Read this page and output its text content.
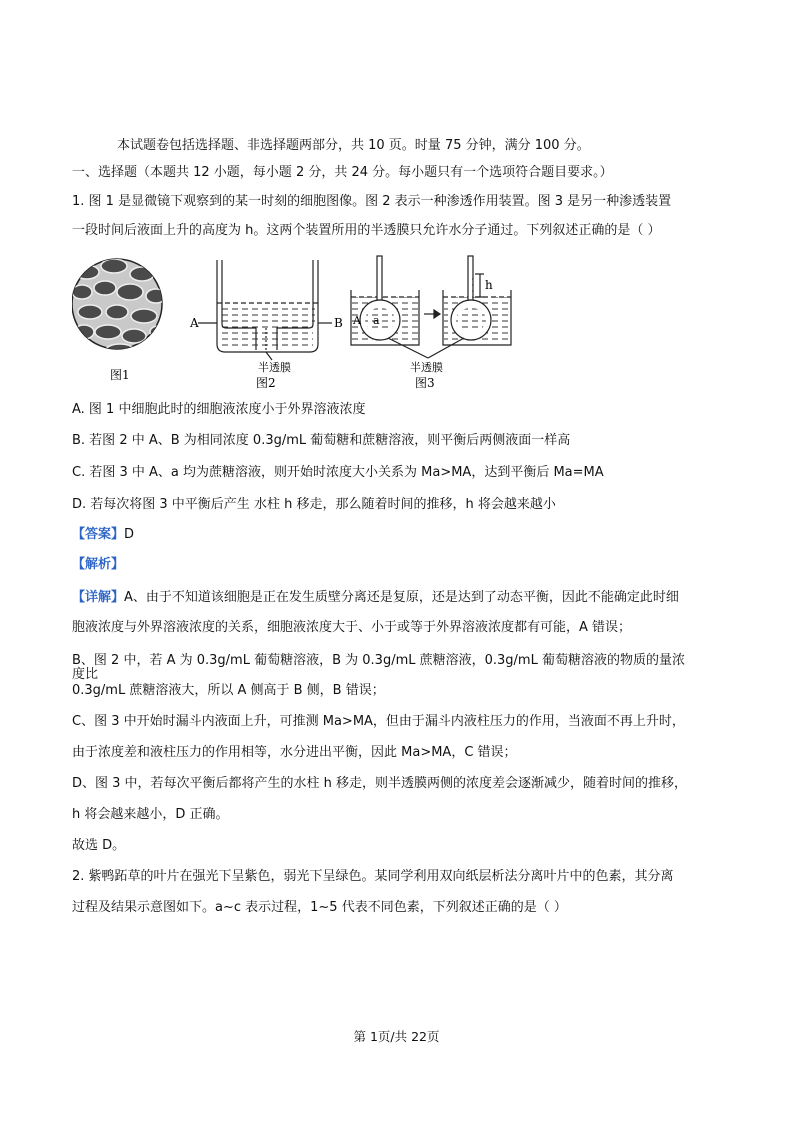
本试题卷包括选择题、非选择题两部分，共 10 页。时量 75 分钟，满分 100 分。
一、选择题（本题共 12 小题，每小题 2 分，共 24 分。每小题只有一个选项符合题目要求。）
1. 图 1 是显微镜下观察到的某一时刻的细胞图像。图 2 表示一种渗透作用装置。图 3 是另一种渗透装置
一段时间后液面上升的高度为 h。这两个装置所用的半透膜只允许水分子通过。下列叙述正确的是（ ）
图1
A	B
半透膜
图2
A a
h
半透膜
图3
A. 图 1 中细胞此时的细胞液浓度小于外界溶液浓度
B. 若图 2 中 A、B 为相同浓度 0.3g/mL 葡萄糖和蔗糖溶液，则平衡后两侧液面一样高
C. 若图 3 中 A、a 均为蔗糖溶液，则开始时浓度大小关系为 Ma>MA，达到平衡后 Ma=MA
D. 若每次将图 3 中平衡后产生 水柱 h 移走，那么随着时间的推移，h 将会越来越小
【答案】D
【解析】
【详解】A、由于不知道该细胞是正在发生质壁分离还是复原，还是达到了动态平衡，因此不能确定此时细
胞液浓度与外界溶液浓度的关系，细胞液浓度大于、小于或等于外界溶液浓度都有可能，A 错误；
B、图 2 中，若 A 为 0.3g/mL 葡萄糖溶液，B 为 0.3g/mL 蔗糖溶液，0.3g/mL 葡萄糖溶液的物质的量浓
度比
0.3g/mL 蔗糖溶液大，所以 A 侧高于 B 侧，B 错误；
C、图 3 中开始时漏斗内液面上升，可推测 Ma>MA，但由于漏斗内液柱压力的作用，当液面不再上升时，
由于浓度差和液柱压力的作用相等，水分进出平衡，因此 Ma>MA，C 错误；
D、图 3 中，若每次平衡后都将产生的水柱 h 移走，则半透膜两侧的浓度差会逐渐减少，随着时间的推移，
h 将会越来越小，D 正确。
故选 D。
2. 紫鸭跖草的叶片在强光下呈紫色，弱光下呈绿色。某同学利用双向纸层析法分离叶片中的色素，其分离
过程及结果示意图如下。a~c 表示过程，1~5 代表不同色素，下列叙述正确的是（ ）
第 1页/共 22页
